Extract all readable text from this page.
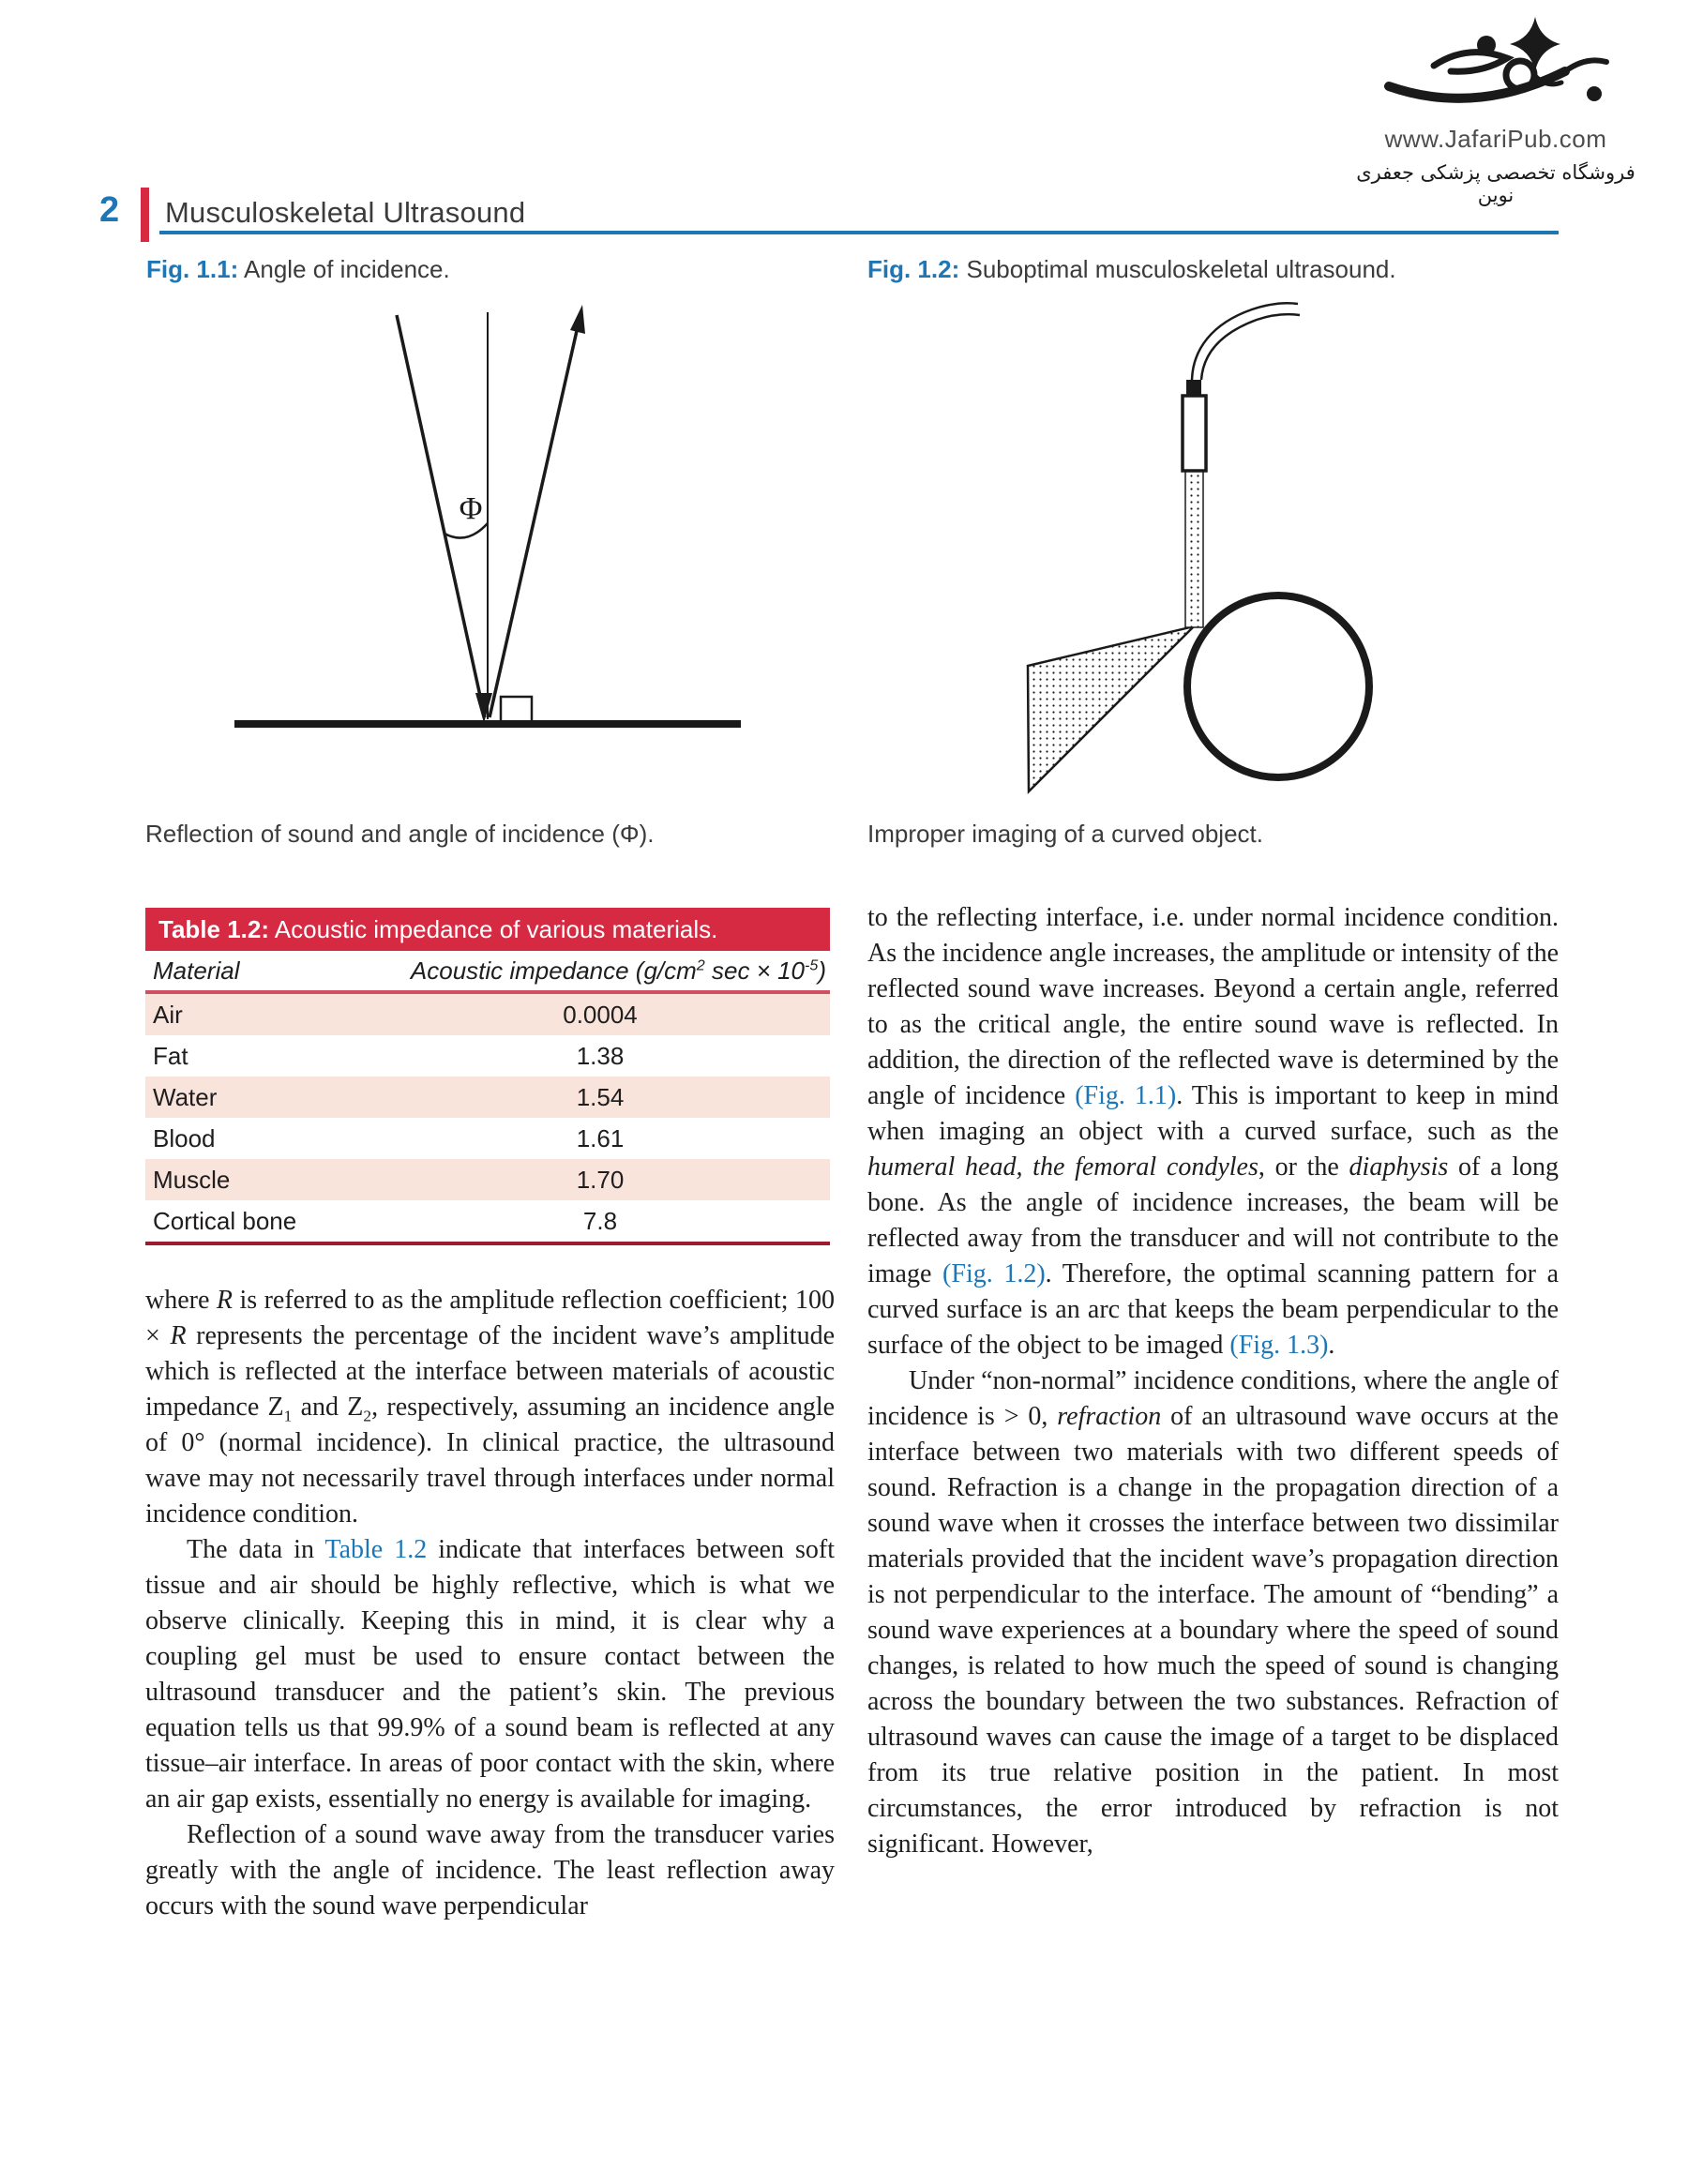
www.JafariPub.com
فروشگاه تخصصی پزشکی جعفری نوین
2 Musculoskeletal Ultrasound
Fig. 1.1: Angle of incidence.	Fig. 1.2: Suboptimal musculoskeletal ultrasound.
Φ
Reflection of sound and angle of incidence (Φ).	Improper imaging of a curved object.
Table 1.2: Acoustic impedance of various materials.
Material	Acoustic impedance ($g/cm^2$ $\sec \times 10^{-5}$)
Air	0.0004
Fat	1.38
Water	1.54
Blood	1.61
Muscle	1.70
Cortical bone	7.8
where R is referred to as the amplitude reflection coefficient; 100 × R represents the percentage of the incident wave’s amplitude which is reflected at the interface between materials of acoustic impedance $Z_1$ and $Z_2$, respectively, assuming an incidence angle of 0° (normal incidence). In clinical practice, the ultrasound wave may not necessarily travel through interfaces under normal incidence condition.
The data in Table 1.2 indicate that interfaces between soft tissue and air should be highly reflective, which is what we observe clinically. Keeping this in mind, it is clear why a coupling gel must be used to ensure contact between the ultrasound transducer and the patient’s skin. The previous equation tells us that 99.9% of a sound beam is reflected at any tissue–air interface. In areas of poor contact with the skin, where an air gap exists, essentially no energy is available for imaging.
Reflection of a sound wave away from the transducer varies greatly with the angle of incidence. The least reflection away occurs with the sound wave perpendicular
to the reflecting interface, i.e. under normal incidence condition. As the incidence angle increases, the amplitude or intensity of the reflected sound wave increases. Beyond a certain angle, referred to as the critical angle, the entire sound wave is reflected. In addition, the direction of the reflected wave is determined by the angle of incidence (Fig. 1.1). This is important to keep in mind when imaging an object with a curved surface, such as the humeral head, the femoral condyles, or the diaphysis of a long bone. As the angle of incidence increases, the beam will be reflected away from the transducer and will not contribute to the image (Fig. 1.2). Therefore, the optimal scanning pattern for a curved surface is an arc that keeps the beam perpendicular to the surface of the object to be imaged (Fig. 1.3).
Under “non-normal” incidence conditions, where the angle of incidence is > 0, refraction of an ultrasound wave occurs at the interface between two materials with two different speeds of sound. Refraction is a change in the propagation direction of a sound wave when it crosses the interface between two dissimilar materials provided that the incident wave’s propagation direction is not perpendicular to the interface. The amount of “bending” a sound wave experiences at a boundary where the speed of sound changes, is related to how much the speed of sound is changing across the boundary between the two substances. Refraction of ultrasound waves can cause the image of a target to be displaced from its true relative position in the patient. In most circumstances, the error introduced by refraction is not significant. However,
